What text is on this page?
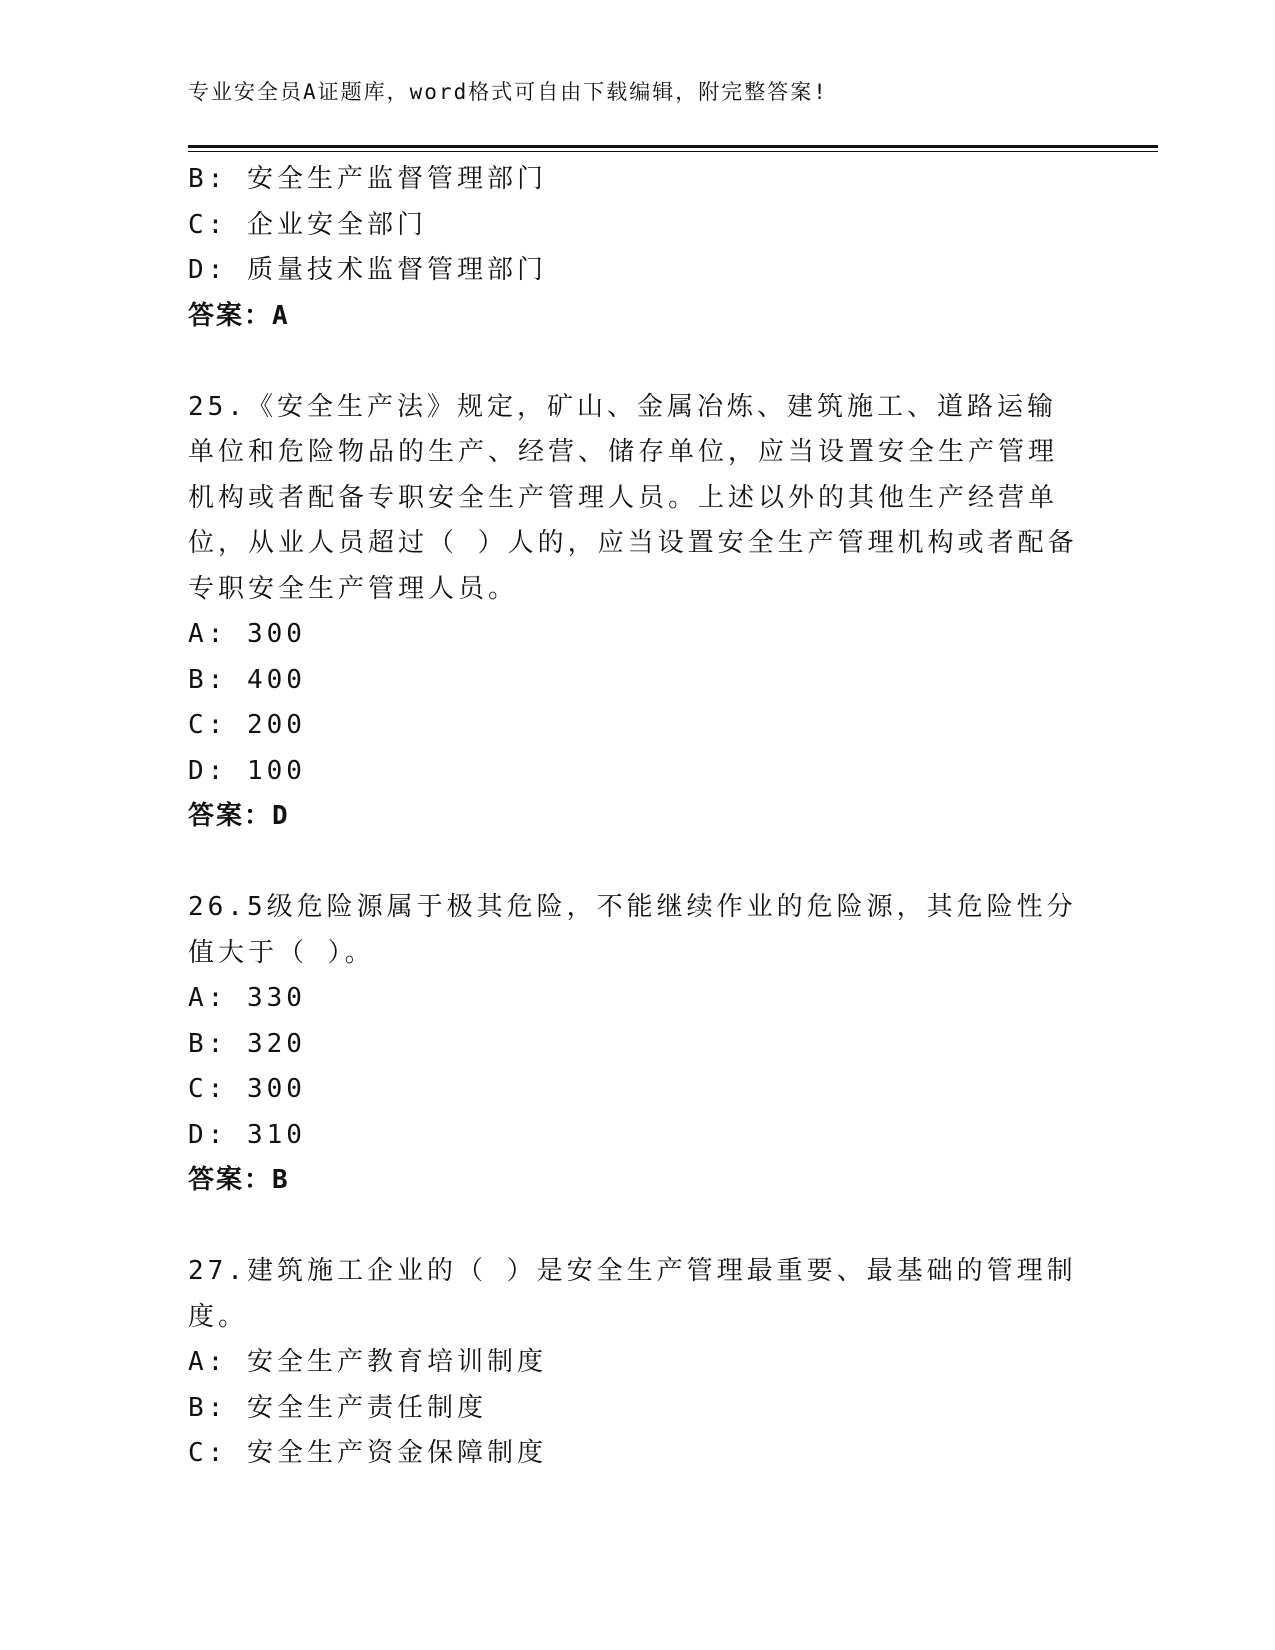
专业安全员A证题库，word格式可自由下载编辑，附完整答案!
B: 安全生产监督管理部门
C: 企业安全部门
D: 质量技术监督管理部门
答案：A
25.《安全生产法》规定，矿山、金属冶炼、建筑施工、道路运输单位和危险物品的生产、经营、储存单位，应当设置安全生产管理机构或者配备专职安全生产管理人员。上述以外的其他生产经营单位，从业人员超过（ ）人的，应当设置安全生产管理机构或者配备专职安全生产管理人员。
A: 300
B: 400
C: 200
D: 100
答案：D
26.5级危险源属于极其危险，不能继续作业的危险源，其危险性分值大于（ ）。
A: 330
B: 320
C: 300
D: 310
答案：B
27.建筑施工企业的（ ）是安全生产管理最重要、最基础的管理制度。
A: 安全生产教育培训制度
B: 安全生产责任制度
C: 安全生产资金保障制度
